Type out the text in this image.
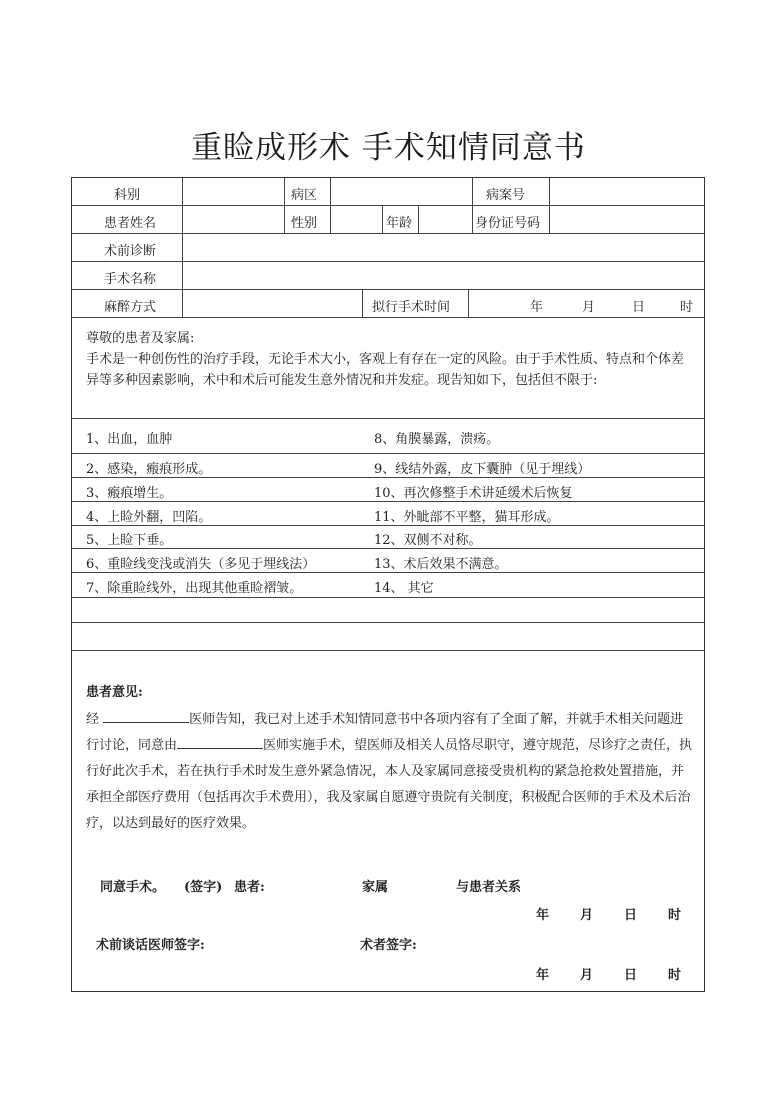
重睑成形术 手术知情同意书
科别	病区	病案号
患者姓名	性别	年龄	身份证号码
术前诊断
手术名称
麻醉方式	拟行手术时间	年	月	日	时
尊敬的患者及家属:
手术是一种创伤性的治疗手段，无论手术大小，客观上有存在一定的风险。由于手术性质、特点和个体差异等多种因素影响，术中和术后可能发生意外情况和并发症。现告知如下，包括但不限于:
1、出血，血肿
2、感染，瘢痕形成。
3、瘢痕增生。
4、上睑外翻，凹陷。
5、上睑下垂。
6、重睑线变浅或消失（多见于埋线法）
7、除重睑线外，出现其他重睑褶皱。
8、角膜暴露，溃疡。
9、线结外露，皮下囊肿（见于埋线）
10、再次修整手术讲延缓术后恢复
11、外眦部不平整，猫耳形成。
12、双侧不对称。
13、术后效果不满意。
14、 其它
患者意见:
经	医师告知，我已对上述手术知情同意书中各项内容有了全面了解，并就手术相关问题进行讨论，同意由	医师实施手术，望医师及相关人员恪尽职守，遵守规范，尽诊疗之责任，执行好此次手术，若在执行手术时发生意外紧急情况，本人及家属同意接受贵机构的紧急抢救处置措施，并承担全部医疗费用（包括再次手术费用），我及家属自愿遵守贵院有关制度，积极配合医师的手术及术后治疗，以达到最好的医疗效果。
同意手术。 (签字) 患者:	家属	与患者关系
年 月 日 时
术前谈话医师签字:	术者签字:
年 月 日 时
